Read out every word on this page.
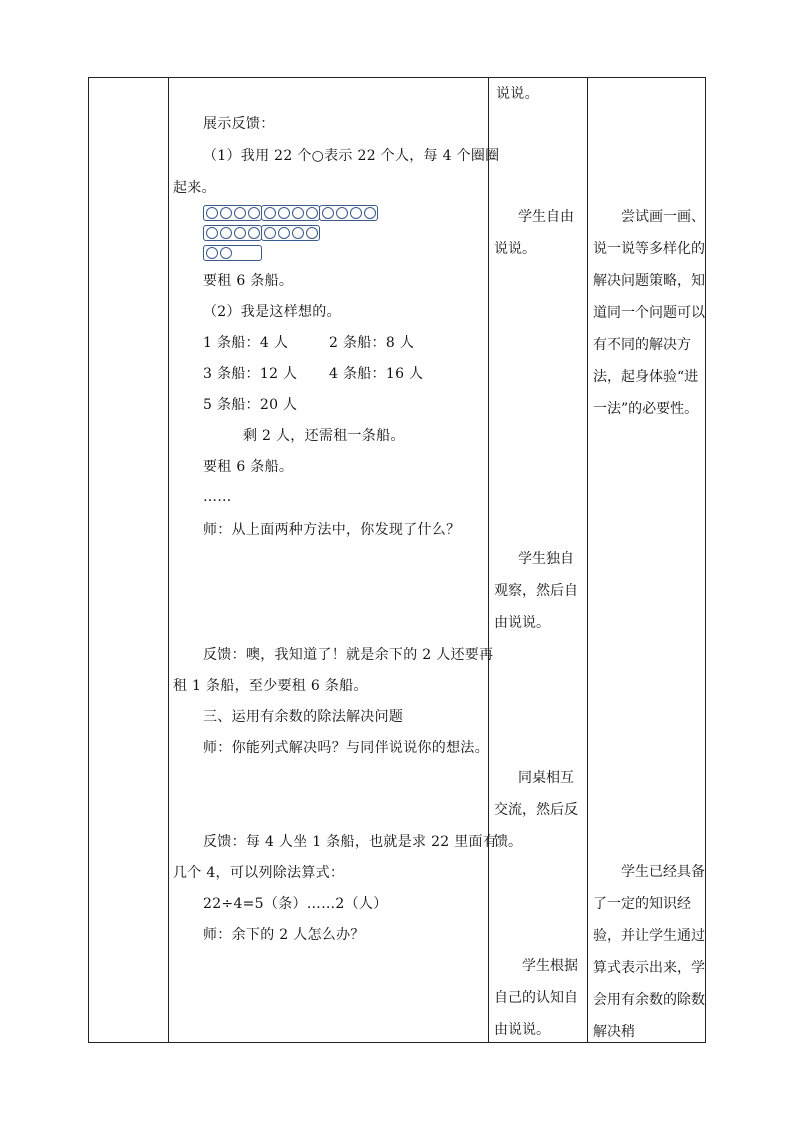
说说。
展示反馈：
（1）我用 22 个○表示 22 个人，每 4 个圈圈
起来。
要租 6 条船。
（2）我是这样想的。
1 条船：4 人	2 条船：8 人
3 条船：12 人 4 条船：16 人
5 条船：20 人
剩 2 人，还需租一条船。
要租 6 条船。
……
师：从上面两种方法中，你发现了什么？
反馈：噢，我知道了！就是余下的 2 人还要再
租 1 条船，至少要租 6 条船。
三、运用有余数的除法解决问题
师：你能列式解决吗？与同伴说说你的想法。
反馈：每 4 人坐 1 条船，也就是求 22 里面有
几个 4，可以列除法算式：
22÷4=5（条）……2（人）
师：余下的 2 人怎么办？
学生自由说说。
学生独自观察，然后自由说说。
同桌相互交流，然后反馈。
学生根据自己的认知自由说说。
尝试画一画、说一说等多样化的解决问题策略，知道同一个问题可以有不同的解决方法，起身体验“进一法”的必要性。
学生已经具备了一定的知识经验，并让学生通过算式表示出来，学会用有余数的除数解决稍
